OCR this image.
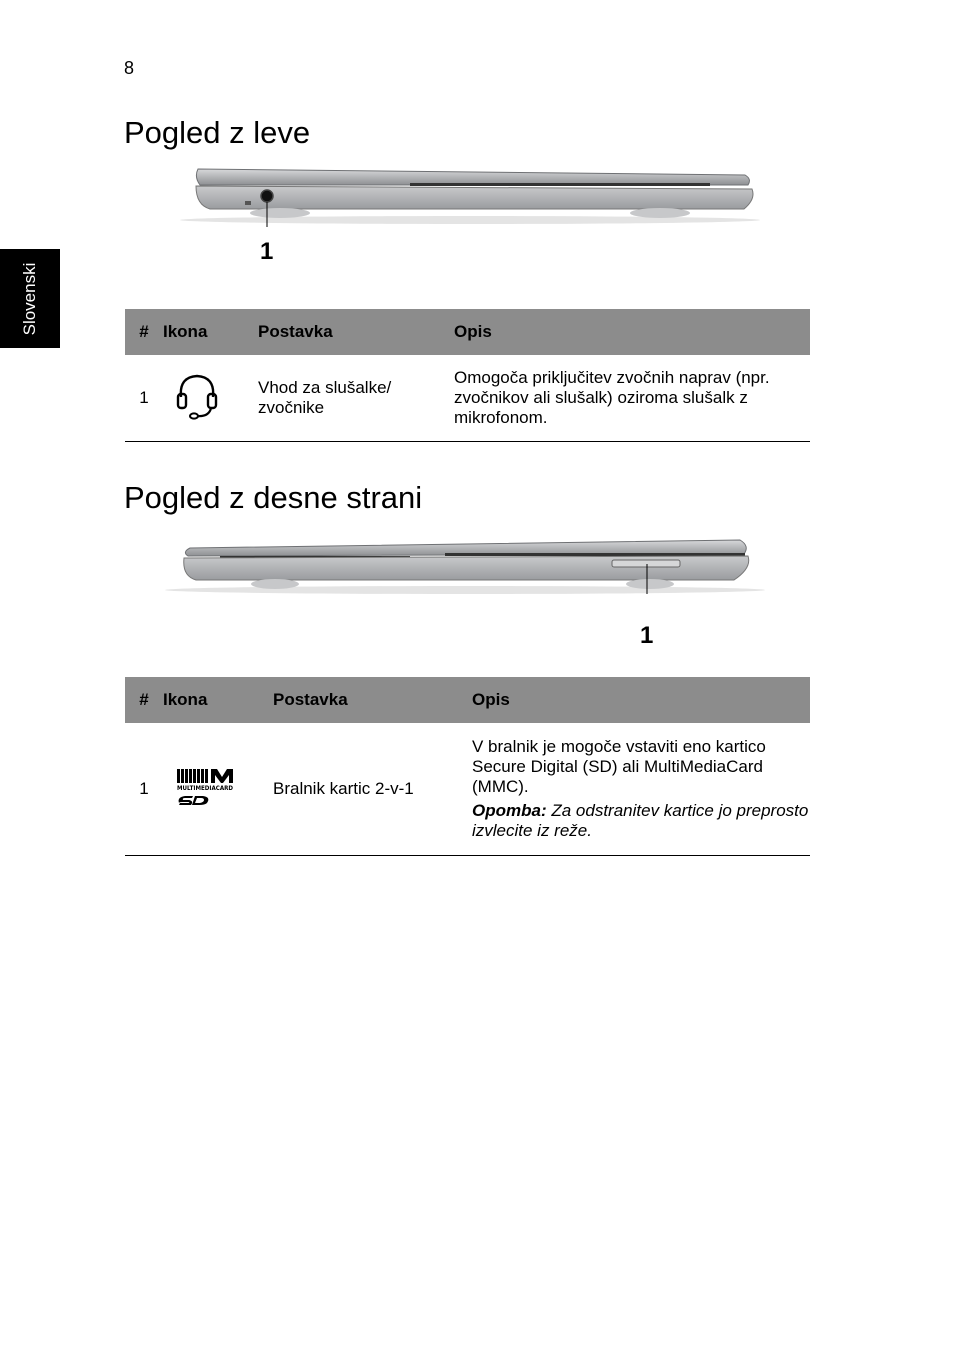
8
Slovenski
Pogled z leve
1
#	Ikona	Postavka	Opis
1		Vhod za slušalke/ zvočnike	Omogoča priključitev zvočnih naprav (npr. zvočnikov ali slušalk) oziroma slušalk z mikrofonom.
Pogled z desne strani
1
#	Ikona	Postavka	Opis
1	MULTIMEDIACARD	Bralnik kartic 2-v-1	V bralnik je mogoče vstaviti eno kartico Secure Digital (SD) ali MultiMediaCard (MMC).
Opomba: Za odstranitev kartice jo preprosto izvlecite iz reže.
